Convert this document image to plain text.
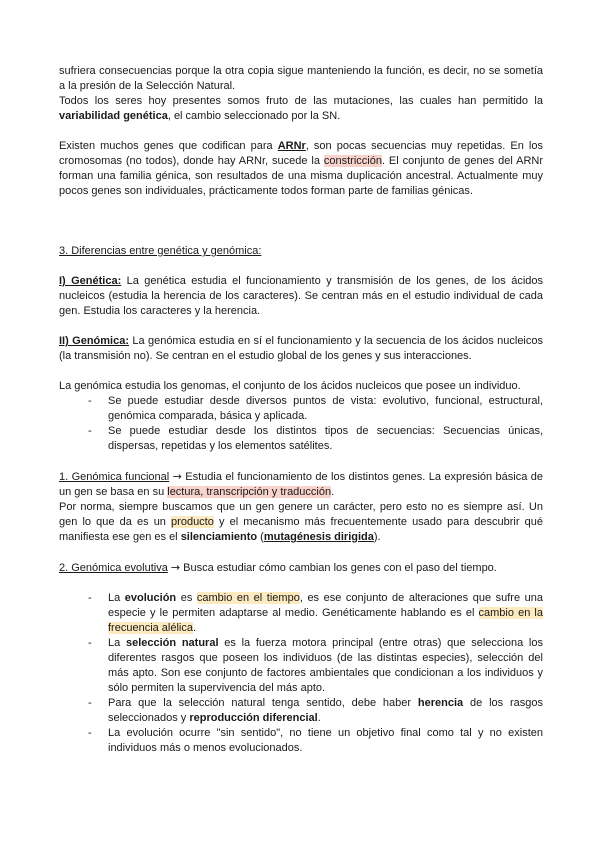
sufriera consecuencias porque la otra copia sigue manteniendo la función, es decir, no se sometía a la presión de la Selección Natural.

Todos los seres hoy presentes somos fruto de las mutaciones, las cuales han permitido la variabilidad genética, el cambio seleccionado por la SN.

Existen muchos genes que codifican para ARNr, son pocas secuencias muy repetidas. En los cromosomas (no todos), donde hay ARNr, sucede la constricción. El conjunto de genes del ARNr forman una familia génica, son resultados de una misma duplicación ancestral. Actualmente muy pocos genes son individuales, prácticamente todos forman parte de familias génicas.

3. Diferencias entre genética y genómica:

I) Genética: La genética estudia el funcionamiento y transmisión de los genes, de los ácidos nucleicos (estudia la herencia de los caracteres). Se centran más en el estudio individual de cada gen. Estudia los caracteres y la herencia.

II) Genómica: La genómica estudia en sí el funcionamiento y la secuencia de los ácidos nucleicos (la transmisión no). Se centran en el estudio global de los genes y sus interacciones.

La genómica estudia los genomas, el conjunto de los ácidos nucleicos que posee un individuo.

- Se puede estudiar desde diversos puntos de vista: evolutivo, funcional, estructural, genómica comparada, básica y aplicada.
- Se puede estudiar desde los distintos tipos de secuencias: Secuencias únicas, dispersas, repetidas y los elementos satélites.

1. Genómica funcional → Estudia el funcionamiento de los distintos genes. La expresión básica de un gen se basa en su lectura, transcripción y traducción.

Por norma, siempre buscamos que un gen genere un carácter, pero esto no es siempre así. Un gen lo que da es un producto y el mecanismo más frecuentemente usado para descubrir qué manifiesta ese gen es el silenciamiento (mutagénesis dirigida).

2. Genómica evolutiva → Busca estudiar cómo cambian los genes con el paso del tiempo.

- La evolución es cambio en el tiempo, es ese conjunto de alteraciones que sufre una especie y le permiten adaptarse al medio. Genéticamente hablando es el cambio en la frecuencia alélica.
- La selección natural es la fuerza motora principal (entre otras) que selecciona los diferentes rasgos que poseen los individuos (de las distintas especies), selección del más apto. Son ese conjunto de factores ambientales que condicionan a los individuos y sólo permiten la supervivencia del más apto.
- Para que la selección natural tenga sentido, debe haber herencia de los rasgos seleccionados y reproducción diferencial.
- La evolución ocurre "sin sentido", no tiene un objetivo final como tal y no existen individuos más o menos evolucionados.
